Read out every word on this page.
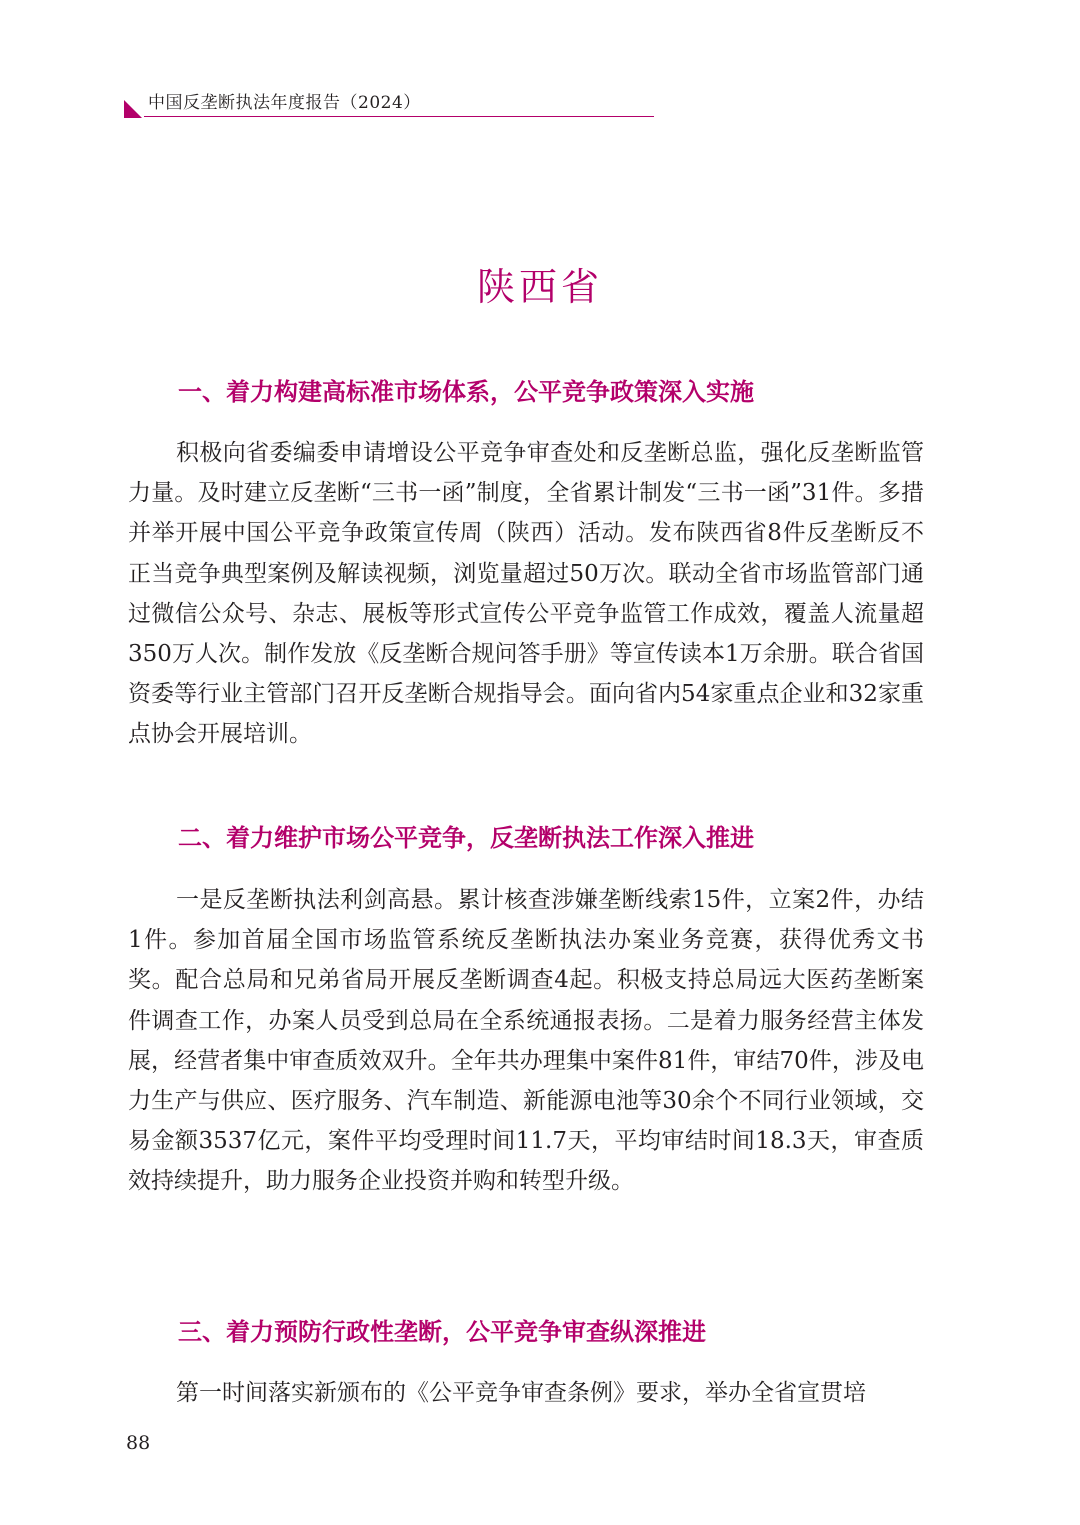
中国反垄断执法年度报告（2024）
陕西省
一、着力构建高标准市场体系，公平竞争政策深入实施

积极向省委编委申请增设公平竞争审查处和反垄断总监，强化反垄断监管力量。及时建立反垄断“三书一函”制度，全省累计制发“三书一函”31件。多措并举开展中国公平竞争政策宣传周（陕西）活动。发布陕西省8件反垄断反不正当竞争典型案例及解读视频，浏览量超过50万次。联动全省市场监管部门通过微信公众号、杂志、展板等形式宣传公平竞争监管工作成效，覆盖人流量超350万人次。制作发放《反垄断合规问答手册》等宣传读本1万余册。联合省国资委等行业主管部门召开反垄断合规指导会。面向省内54家重点企业和32家重点协会开展培训。

二、着力维护市场公平竞争，反垄断执法工作深入推进

一是反垄断执法利剑高悬。累计核查涉嫌垄断线索15件，立案2件，办结1件。参加首届全国市场监管系统反垄断执法办案业务竞赛，获得优秀文书奖。配合总局和兄弟省局开展反垄断调查4起。积极支持总局远大医药垄断案件调查工作，办案人员受到总局在全系统通报表扬。二是着力服务经营主体发展，经营者集中审查质效双升。全年共办理集中案件81件，审结70件，涉及电力生产与供应、医疗服务、汽车制造、新能源电池等30余个不同行业领域，交易金额3537亿元，案件平均受理时间11.7天，平均审结时间18.3天，审查质效持续提升，助力服务企业投资并购和转型升级。

三、着力预防行政性垄断，公平竞争审查纵深推进

第一时间落实新颁布的《公平竞争审查条例》要求，举办全省宣贯培

88
